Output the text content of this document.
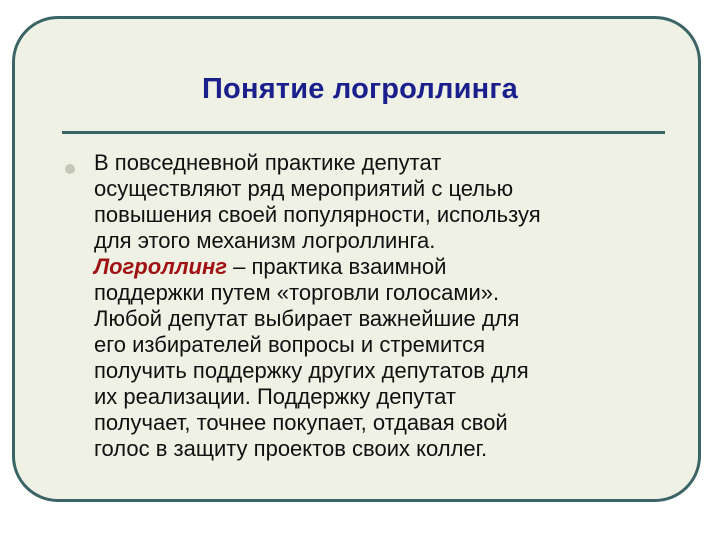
Понятие логроллинга
В повседневной практике депутат
осуществляют ряд мероприятий с целью
повышения своей популярности, используя
для этого механизм логроллинга.
Логроллинг – практика взаимной
поддержки путем «торговли голосами».
Любой депутат выбирает важнейшие для
его избирателей вопросы и стремится
получить поддержку других депутатов для
их реализации. Поддержку депутат
получает, точнее покупает, отдавая свой
голос в защиту проектов своих коллег.
